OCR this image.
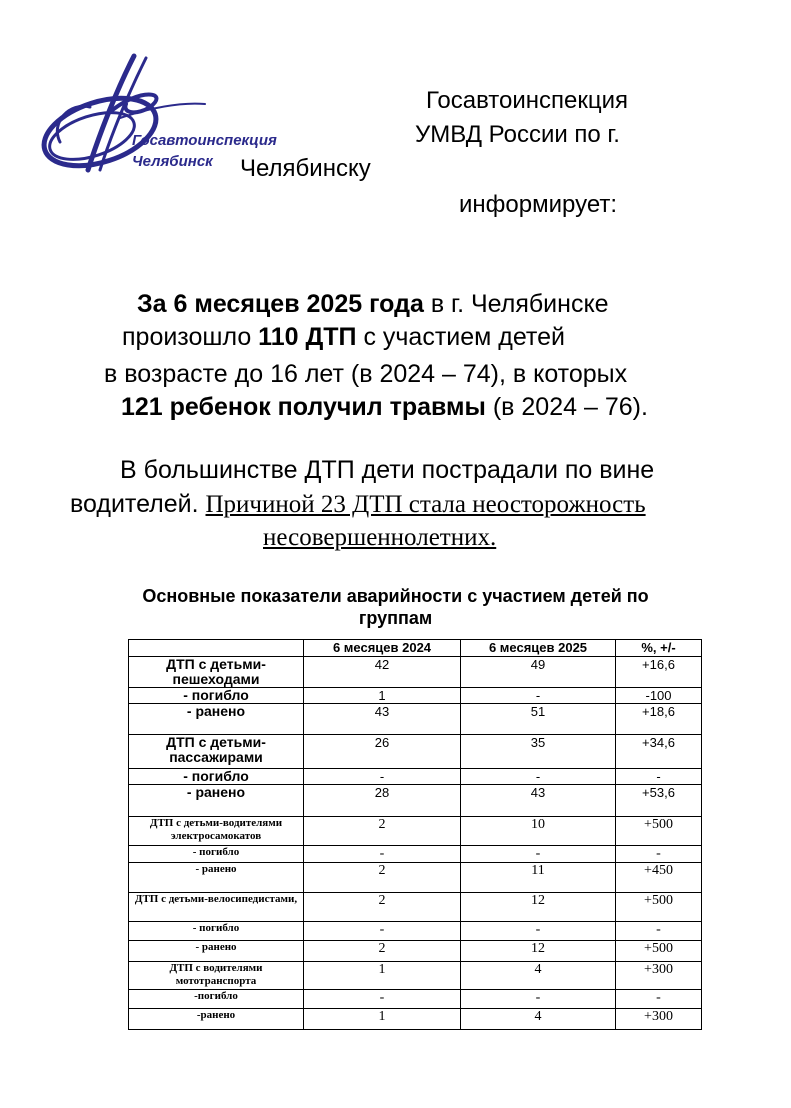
Госавтоинспекция
Челябинск
Госавтоинспекция
УМВД России по г.
Челябинску
информирует:
За 6 месяцев 2025 года в г. Челябинске
произошло 110 ДТП с участием детей
в возрасте до 16 лет (в 2024 – 74), в которых
121 ребенок получил травмы (в 2024 – 76).
В большинстве ДТП дети пострадали по вине
водителей. Причиной 23 ДТП стала неосторожность
несовершеннолетних.
Основные показатели аварийности с участием детей по
группам
	6 месяцев 2024	6 месяцев 2025	%, +/-
ДТП с детьми-пешеходами	42	49	+16,6
- погибло	1	-	-100
- ранено	43	51	+18,6
ДТП с детьми-пассажирами	26	35	+34,6
- погибло	-	-	-
- ранено	28	43	+53,6
ДТП с детьми-водителями электросамокатов	2	10	+500
- погибло	-	-	-
- ранено	2	11	+450
ДТП с детьми-велосипедистами,	2	12	+500
- погибло	-	-	-
- ранено	2	12	+500
ДТП с водителями мототранспорта	1	4	+300
-погибло	-	-	-
-ранено	1	4	+300
